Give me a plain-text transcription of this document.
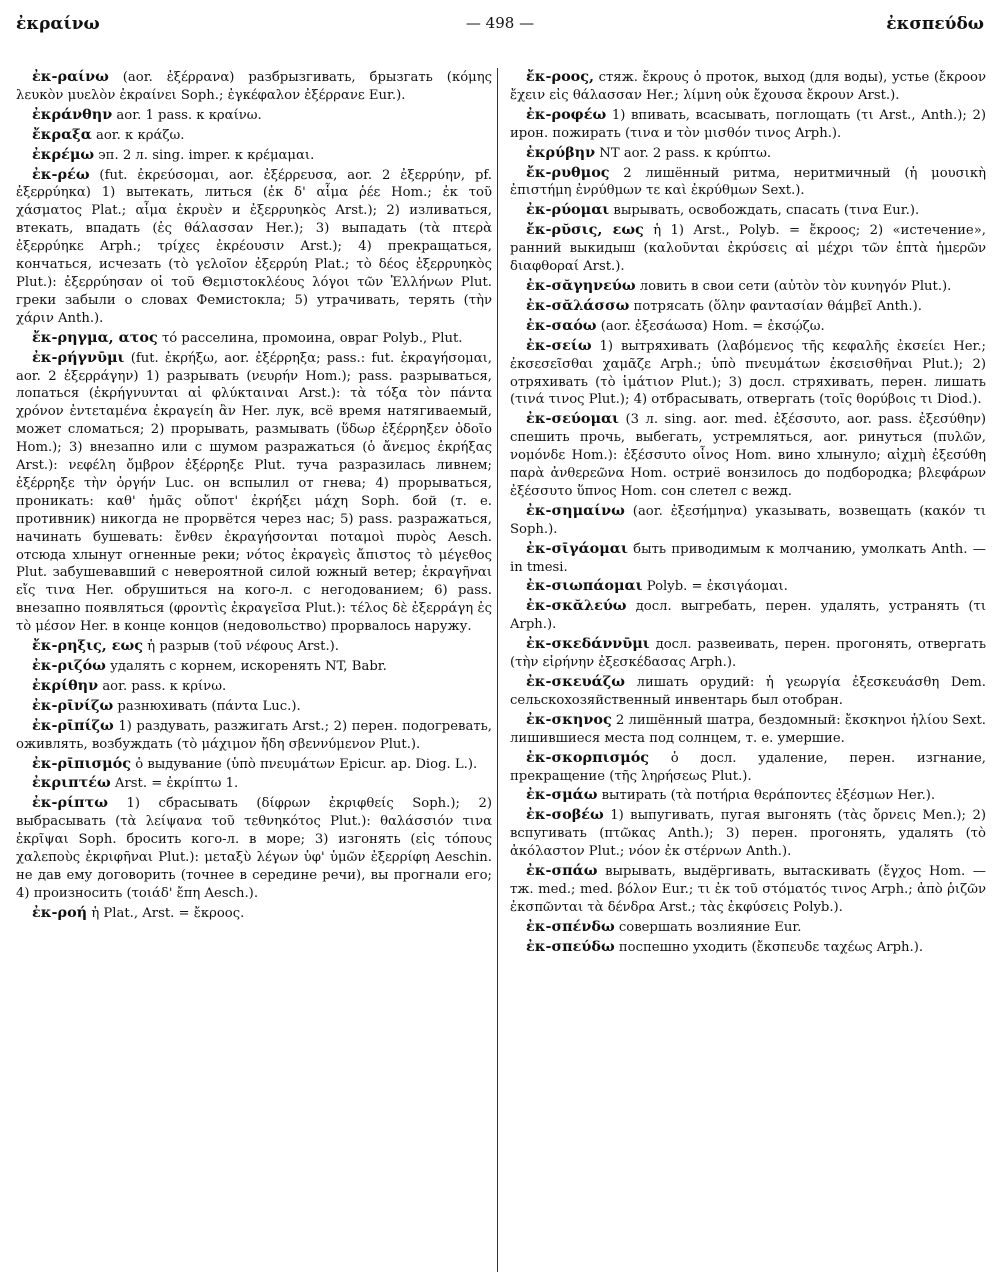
ἐκραίνω	— 498 —	ἐκσπεύδω

ἐκ-ραίνω (aor. ἐξέρρανα) разбрызгивать, брызгать (κόμης λευκὸν μυελὸν ἐκραίνει Soph.; ἐγκέφαλον ἐξέρρανε Eur.).

ἐκράνθην aor. 1 pass. к κραίνω.

ἔκραξα aor. к κράζω.

ἐκρέμω эп. 2 л. sing. imper. к κρέμαμαι.

ἐκ-ρέω (fut. ἐκρεύσομαι, aor. ἐξέρρευσα, aor. 2 ἐξερρύην, pf. ἐξερρύηκα) 1) вытекать, литься (ἐκ δ' αἷμα ῥέε Hom.; ἐκ τοῦ χάσματος Plat.; αἷμα ἐκρυὲν и ἐξερρυηκὸς Arst.); 2) изливаться, втекать, впадать (ἐς θάλασσαν Her.); 3) выпадать (τὰ πτερὰ ἐξερρύηκε Arph.; τρίχες ἐκρέουσιν Arst.); 4) прекращаться, кончаться, исчезать (τὸ γελοῖον ἐξερρύη Plat.; τὸ δέος ἐξερρυηκὸς Plut.): ἐξερρύησαν οἱ τοῦ Θεμιστοκλέους λόγοι τῶν Ἑλλήνων Plut. греки забыли о словах Фемистокла; 5) утрачивать, терять (τὴν χάριν Anth.).

ἔκ-ρηγμα, ατος τό расселина, промоина, овраг Polyb., Plut.

ἐκ-ρήγνῡμι (fut. ἐκρήξω, aor. ἐξέρρηξα; pass.: fut. ἐκραγήσομαι, aor. 2 ἐξερράγην) 1) разрывать (νευρήν Hom.); pass. разрываться, лопаться (ἐκρήγνυνται αἱ φλύκταιναι Arst.): τὰ τόξα τὸν πάντα χρόνον ἐντεταμένα ἐκραγείη ἂν Her. лук, всё время натягиваемый, может сломаться; 2) прорывать, размывать (ὕδωρ ἐξέρρηξεν ὁδοῖο Hom.); 3) внезапно или с шумом разражаться (ὁ ἄνεμος ἐκρήξας Arst.): νεφέλη ὄμβρον ἐξέρρηξε Plut. туча разразилась ливнем; ἐξέρρηξε τὴν ὀργήν Luc. он вспылил от гнева; 4) прорываться, проникать: καθ' ἡμᾶς οὔποτ' ἐκρήξει μάχη Soph. бой (т. е. противник) никогда не прорвётся через нас; 5) pass. разражаться, начинать бушевать: ἔνθεν ἐκραγήσονται ποταμοὶ πυρὸς Aesch. отсюда хлынут огненные реки; νότος ἐκραγεὶς ἄπιστος τὸ μέγεθος Plut. забушевавший с невероятной силой южный ветер; ἐκραγῆναι εἴς τινα Her. обрушиться на кого-л. с негодованием; 6) pass. внезапно появляться (φροντὶς ἐκραγεῖσα Plut.): τέλος δὲ ἐξερράγη ἐς τὸ μέσον Her. в конце концов (недовольство) прорвалось наружу.

ἔκ-ρηξις, εως ἡ разрыв (τοῦ νέφους Arst.).

ἐκ-ριζόω удалять с корнем, искоренять NT, Babr.

ἐκρίθην aor. pass. к κρίνω.

ἐκ-ρῑνίζω разнюхивать (πάντα Luc.).

ἐκ-ρῑπίζω 1) раздувать, разжигать Arst.; 2) перен. подогревать, оживлять, возбуждать (τὸ μάχιμον ἤδη σβεννύμενον Plut.).

ἐκ-ρῑπισμός ὁ выдувание (ὑπὸ πνευμάτων Epicur. ap. Diog. L.).

ἐκριπτέω Arst. = ἐκρίπτω 1.

ἐκ-ρίπτω 1) сбрасывать (δίφρων ἐκριφθείς Soph.); 2) выбрасывать (τὰ λείψανα τοῦ τεθνηκότος Plut.): θαλάσσιόν τινα ἐκρῖψαι Soph. бросить кого-л. в море; 3) изгонять (εἰς τόπους χαλεποὺς ἐκριφῆναι Plut.): μεταξὺ λέγων ὑφ' ὑμῶν ἐξερρίφη Aeschin. не дав ему договорить (точнее в середине речи), вы прогнали его; 4) произносить (τοιάδ' ἔπη Aesch.).

ἐκ-ροή ἡ Plat., Arst. = ἔκροος.

ἔκ-ροος, стяж. ἔκρους ὁ проток, выход (для воды), устье (ἔκροον ἔχειν εἰς θάλασσαν Her.; λίμνη οὐκ ἔχουσα ἔκρουν Arst.).

ἐκ-ροφέω 1) впивать, всасывать, поглощать (τι Arst., Anth.); 2) ирон. пожирать (τινα и τὸν μισθόν τινος Arph.).

ἐκρύβην NT aor. 2 pass. к κρύπτω.

ἔκ-ρυθμος 2 лишённый ритма, неритмичный (ἡ μουσικὴ ἐπιστήμη ἐνρύθμων τε καὶ ἐκρύθμων Sext.).

ἐκ-ρύομαι вырывать, освобождать, спасать (τινα Eur.).

ἔκ-ρῠσις, εως ἡ 1) Arst., Polyb. = ἔκροος; 2) «истечение», ранний выкидыш (καλοῦνται ἐκρύσεις αἱ μέχρι τῶν ἑπτὰ ἡμερῶν διαφθοραί Arst.).

ἐκ-σᾰγηνεύω ловить в свои сети (αὐτὸν τὸν κυνηγόν Plut.).

ἐκ-σᾰλάσσω потрясать (ὅλην φαντασίαν θάμβεῖ Anth.).

ἐκ-σαόω (aor. ἐξεσάωσα) Hom. = ἐκσῴζω.

ἐκ-σείω 1) вытряхивать (λαβόμενος τῆς κεφαλῆς ἐκσείει Her.; ἐκσεσεῖσθαι χαμᾶζε Arph.; ὑπὸ πνευμάτων ἐκσεισθῆναι Plut.); 2) отряхивать (τὸ ἱμάτιον Plut.); 3) досл. стряхивать, перен. лишать (τινά τινος Plut.); 4) отбрасывать, отвергать (τοῖς θορύβοις τι Diod.).

ἐκ-σεύομαι (3 л. sing. aor. med. ἐξέσσυτο, aor. pass. ἐξεσύθην) спешить прочь, выбегать, устремляться, aor. ринуться (πυλῶν, νομόνδε Hom.): ἐξέσσυτο οἶνος Hom. вино хлынуло; αἰχμὴ ἐξεσύθη παρὰ ἀνθερεῶνα Hom. остриё вонзилось до подбородка; βλεφάρων ἐξέσσυτο ὕπνος Hom. сон слетел с вежд.

ἐκ-σημαίνω (aor. ἐξεσήμηνα) указывать, возвещать (κακόν τι Soph.).

ἐκ-σῑγάομαι быть приводимым к молчанию, умолкать Anth. — in tmesi.

ἐκ-σιωπάομαι Polyb. = ἐκσιγάομαι.

ἐκ-σκᾰλεύω досл. выгребать, перен. удалять, устранять (τι Arph.).

ἐκ-σκεδάννῡμι досл. развеивать, перен. прогонять, отвергать (τὴν εἰρήνην ἐξεσκέδασας Arph.).

ἐκ-σκευάζω лишать орудий: ἡ γεωργία ἐξεσκευάσθη Dem. сельскохозяйственный инвентарь был отобран.

ἐκ-σκηνος 2 лишённый шатра, бездомный: ἔκσκηνοι ἡλίου Sext. лишившиеся места под солнцем, т. е. умершие.

ἐκ-σκορπισμός ὁ досл. удаление, перен. изгнание, прекращение (τῆς ληρήσεως Plut.).

ἐκ-σμάω вытирать (τὰ ποτήρια θεράποντες ἐξέσμων Her.).

ἐκ-σοβέω 1) выпугивать, пугая выгонять (τὰς ὄρνεις Men.); 2) вспугивать (πτῶκας Anth.); 3) перен. прогонять, удалять (τὸ ἀκόλαστον Plut.; νόον ἐκ στέρνων Anth.).

ἐκ-σπάω вырывать, выдёргивать, вытаскивать (ἔγχος Hom. — тж. med.; med. βόλον Eur.; τι ἐκ τοῦ στόματός τινος Arph.; ἀπὸ ῥιζῶν ἐκσπῶνται τὰ δένδρα Arst.; τὰς ἐκφύσεις Polyb.).

ἐκ-σπένδω совершать возлияние Eur.

ἐκ-σπεύδω поспешно уходить (ἔκσπευδε ταχέως Arph.).
